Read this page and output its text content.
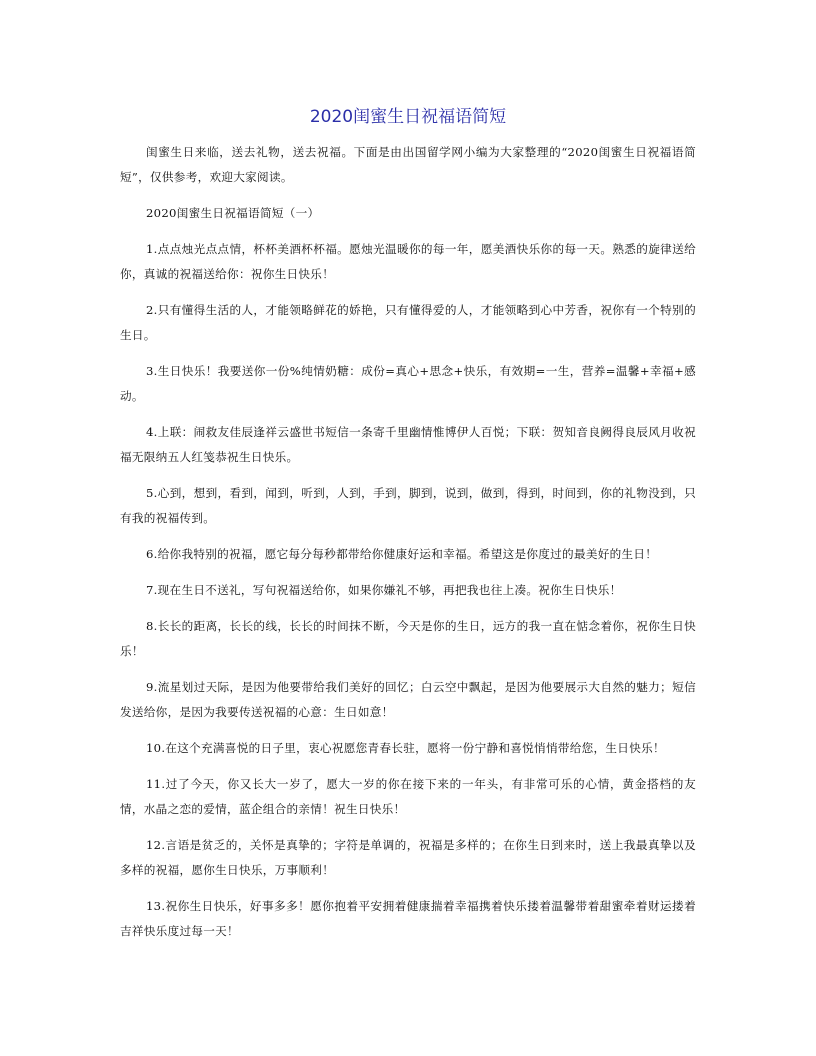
2020闺蜜生日祝福语简短

闺蜜生日来临，送去礼物，送去祝福。下面是由出国留学网小编为大家整理的“2020闺蜜生日祝福语简短”，仅供参考，欢迎大家阅读。

2020闺蜜生日祝福语简短（一）

1.点点烛光点点情，杯杯美酒杯杯福。愿烛光温暖你的每一年，愿美酒快乐你的每一天。熟悉的旋律送给你，真诚的祝福送给你：祝你生日快乐！

2.只有懂得生活的人，才能领略鲜花的娇艳，只有懂得爱的人，才能领略到心中芳香，祝你有一个特别的生日。

3.生日快乐！我要送你一份%纯情奶糖：成份=真心+思念+快乐，有效期=一生，营养=温馨+幸福+感动。

4.上联：闹救友佳辰逢祥云盛世书短信一条寄千里幽情惟博伊人百悦；下联：贺知音良阙得良辰风月收祝福无限纳五人红笺恭祝生日快乐。

5.心到，想到，看到，闻到，听到，人到，手到，脚到，说到，做到，得到，时间到，你的礼物没到，只有我的祝福传到。

6.给你我特别的祝福，愿它每分每秒都带给你健康好运和幸福。希望这是你度过的最美好的生日！

7.现在生日不送礼，写句祝福送给你，如果你嫌礼不够，再把我也往上凑。祝你生日快乐！

8.长长的距离，长长的线，长长的时间抹不断，今天是你的生日，远方的我一直在惦念着你，祝你生日快乐！

9.流星划过天际，是因为他要带给我们美好的回忆；白云空中飘起，是因为他要展示大自然的魅力；短信发送给你，是因为我要传送祝福的心意：生日如意！

10.在这个充满喜悦的日子里，衷心祝愿您青春长驻，愿将一份宁静和喜悦悄悄带给您，生日快乐！

11.过了今天，你又长大一岁了，愿大一岁的你在接下来的一年头，有非常可乐的心情，黄金搭档的友情，水晶之恋的爱情，蓝企组合的亲情！祝生日快乐！

12.言语是贫乏的，关怀是真挚的；字符是单调的，祝福是多样的；在你生日到来时，送上我最真挚以及多样的祝福，愿你生日快乐，万事顺利！

13.祝你生日快乐，好事多多！愿你抱着平安拥着健康揣着幸福携着快乐搂着温馨带着甜蜜牵着财运搂着吉祥快乐度过每一天！
